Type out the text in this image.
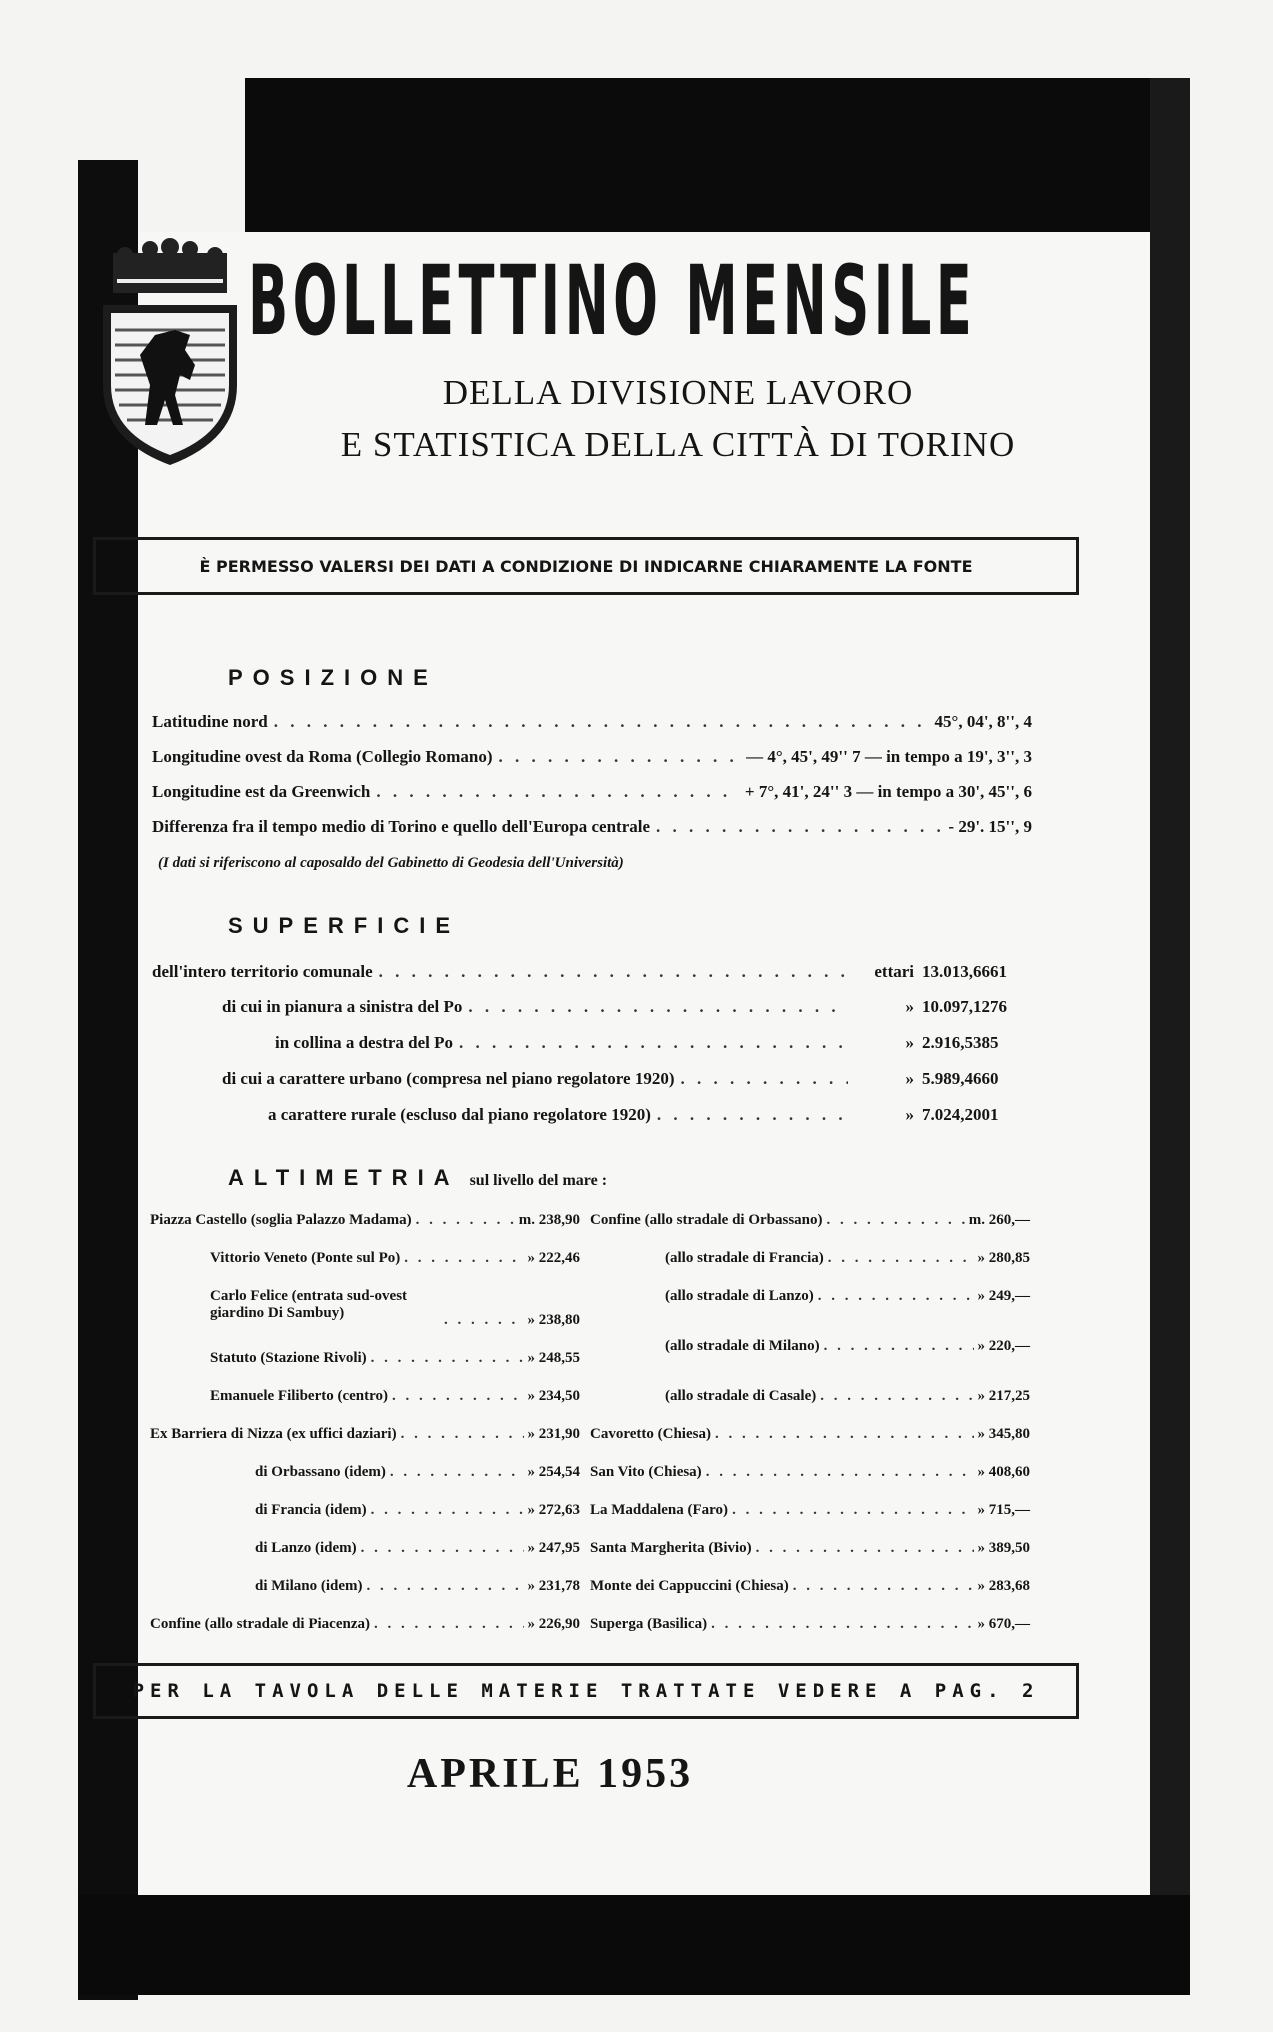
BOLLETTINO MENSILE
DELLA DIVISIONE LAVORO
E STATISTICA DELLA CITTÀ DI TORINO
È PERMESSO VALERSI DEI DATI A CONDIZIONE DI INDICARNE CHIARAMENTE LA FONTE
POSIZIONE
Latitudine nord . . .	45°, 04', 8'', 4
Longitudine ovest da Roma (Collegio Romano) . . .	— 4°, 45', 49'' 7 — in tempo a 19', 3'', 3
Longitudine est da Greenwich . . .	+ 7°, 41', 24'' 3 — in tempo a 30', 45'', 6
Differenza fra il tempo medio di Torino e quello dell'Europa centrale . . .	- 29'. 15'', 9
(I dati si riferiscono al caposaldo del Gabinetto di Geodesia dell'Università)
SUPERFICIE
dell'intero territorio comunale . . .	ettari 13.013,6661
di cui in pianura a sinistra del Po . . .	» 10.097,1276
in collina a destra del Po . . .	» 2.916,5385
di cui a carattere urbano (compresa nel piano regolatore 1920) . . .	» 5.989,4660
a carattere rurale (escluso dal piano regolatore 1920) . . .	» 7.024,2001
ALTIMETRIA sul livello del mare :
Piazza Castello (soglia Palazzo Madama) . . .	m. 238,90
Vittorio Veneto (Ponte sul Po) . . .	» 222,46
Carlo Felice (entrata sud-ovest giardino Di Sambuy) . . .	» 238,80
Statuto (Stazione Rivoli) . . .	» 248,55
Emanuele Filiberto (centro) . . .	» 234,50
Ex Barriera di Nizza (ex uffici daziari) . . .	» 231,90
di Orbassano (idem) . . .	» 254,54
di Francia (idem) . . .	» 272,63
di Lanzo (idem) . . .	» 247,95
di Milano (idem) . . .	» 231,78
Confine (allo stradale di Piacenza) . . .	» 226,90
Confine (allo stradale di Orbassano) . . .	m. 260,—
(allo stradale di Francia) . . .	» 280,85
(allo stradale di Lanzo) . . .	» 249,—
(allo stradale di Milano) . . .	» 220,—
(allo stradale di Casale) . . .	» 217,25
Cavoretto (Chiesa) . . .	» 345,80
San Vito (Chiesa) . . .	» 408,60
La Maddalena (Faro) . . .	» 715,—
Santa Margherita (Bivio) . . .	» 389,50
Monte dei Cappuccini (Chiesa) . . .	» 283,68
Superga (Basilica) . . .	» 670,—
PER LA TAVOLA DELLE MATERIE TRATTATE VEDERE A PAG. 2
APRILE 1953
